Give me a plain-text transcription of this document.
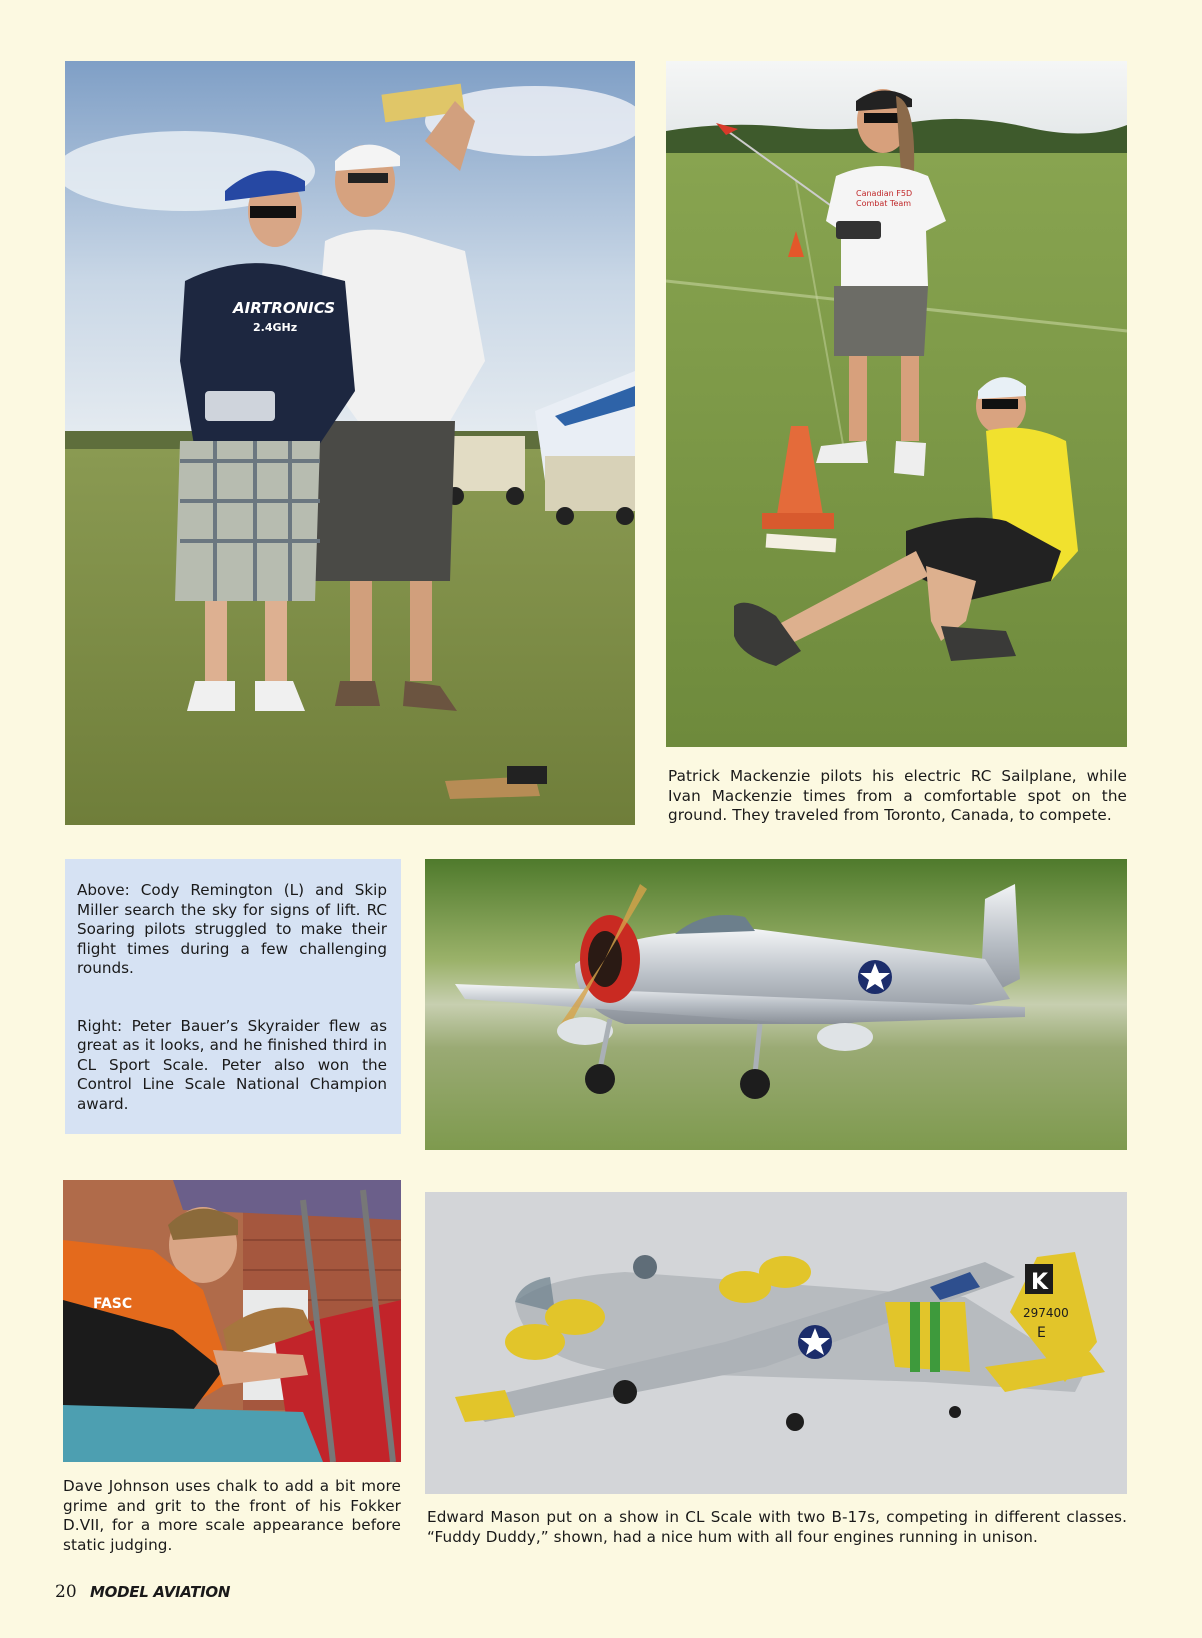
AIRTRONICS
2.4GHz
Canadian F5D
Combat Team

Patrick Mackenzie pilots his electric RC Sailplane, while Ivan Mackenzie times from a comfortable spot on the ground. They traveled from Toronto, Canada, to compete.

Above: Cody Remington (L) and Skip Miller search the sky for signs of lift. RC Soaring pilots struggled to make their flight times during a few challenging rounds.

Right: Peter Bauer’s Skyraider flew as great as it looks, and he finished third in CL Sport Scale. Peter also won the Control Line Scale National Champion award.

FASC

Dave Johnson uses chalk to add a bit more grime and grit to the front of his Fokker D.VII, for a more scale appearance before static judging.

K
297400
E

Edward Mason put on a show in CL Scale with two B-17s, competing in different classes. “Fuddy Duddy,” shown, had a nice hum with all four engines running in unison.

20 MODEL AVIATION
